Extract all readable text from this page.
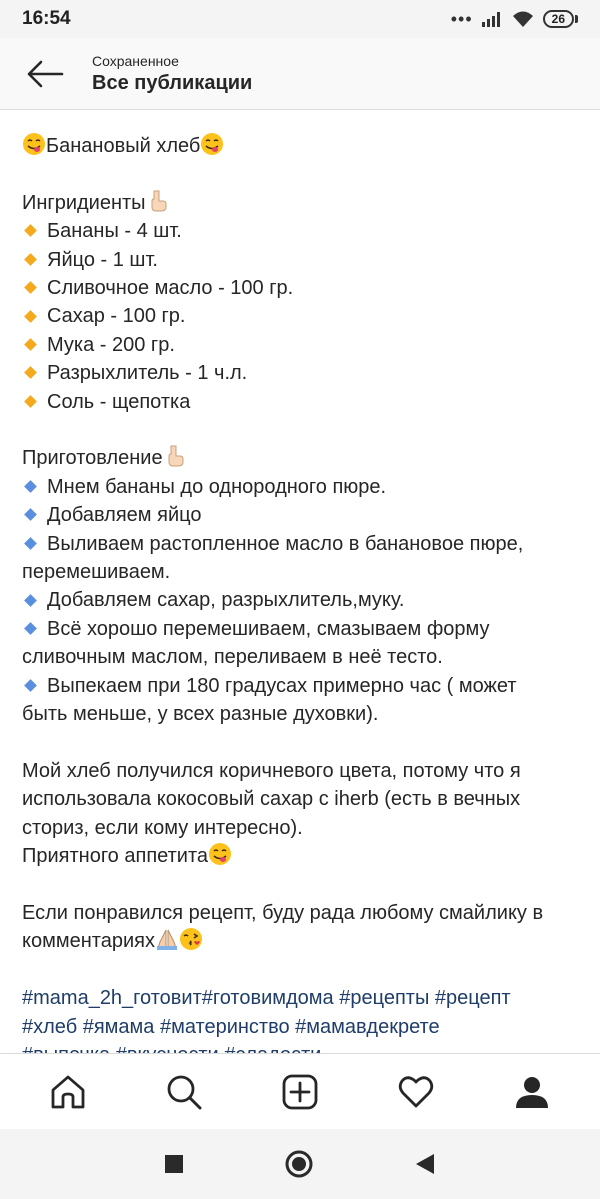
16:54	•••	26
Сохраненное
Все публикации
Банановый хлеб
Ингридиенты
Бананы - 4 шт.
Яйцо - 1 шт.
Сливочное масло - 100 гр.
Сахар - 100 гр.
Мука - 200 гр.
Разрыхлитель - 1 ч.л.
Соль - щепотка
Приготовление
Мнем бананы до однородного пюре.
Добавляем яйцо
Выливаем растопленное масло в банановое пюре,
перемешиваем.
Добавляем сахар, разрыхлитель,муку.
Всё хорошо перемешиваем, смазываем форму
сливочным маслом, переливаем в неё тесто.
Выпекаем при 180 градусах примерно час ( может
быть меньше, у всех разные духовки).
Мой хлеб получился коричневого цвета, потому что я
использовала кокосовый сахар с iherb (есть в вечных
сториз, если кому интересно).
Приятного аппетита
Если понравился рецепт, буду рада любому смайлику в
комментариях
#mama_2h_готовит#готовимдома #рецепты #рецепт
#хлеб #ямама #материнство #мамавдекрете
